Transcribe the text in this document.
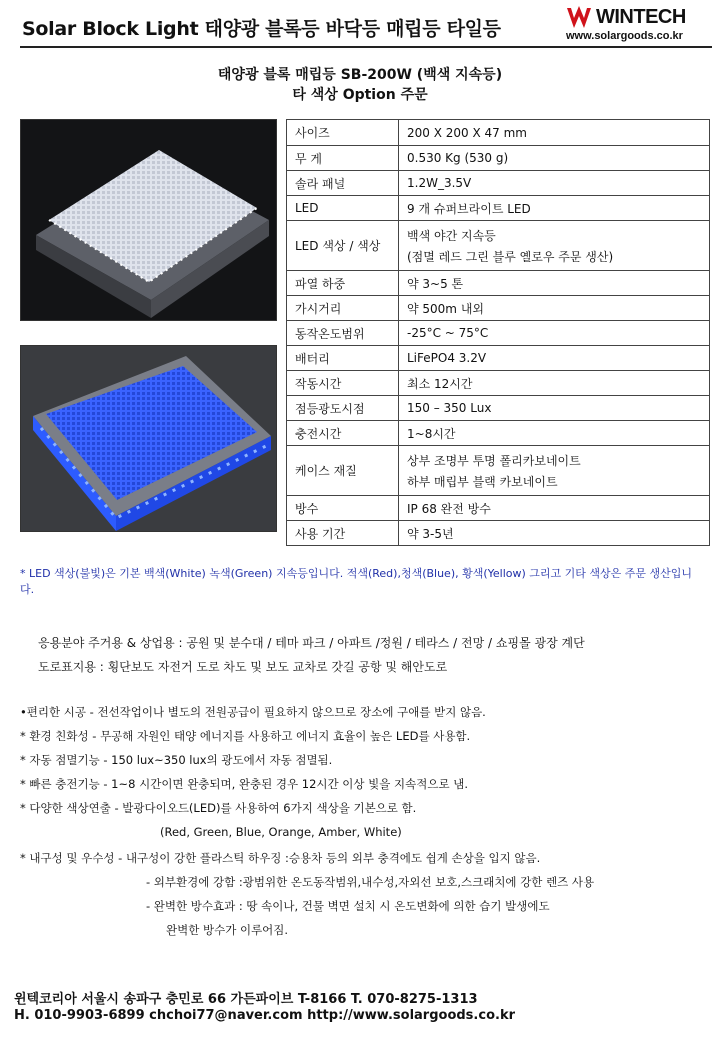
Solar Block Light 태양광 블록등 바닥등 매립등 타일등
WINTECH
www.solargoods.co.kr
태양광 블록 매립등 SB-200W (백색 지속등)
타 색상 Option 주문
사이즈	200 X 200 X 47 mm

무 게	0.530 Kg (530 g)

솔라 패널	1.2W_3.5V

LED	9 개 슈퍼브라이트 LED

LED 색상 / 색상	백색 야간 지속등
(점멸 레드 그린 블루 옐로우 주문 생산)

파열 하중	약 3~5 톤

가시거리	약 500m 내외

동작온도범위	-25°C ~ 75°C

배터리	LiFePO4 3.2V

작동시간	최소 12시간

점등광도시점	150 – 350 Lux

충전시간	1~8시간

케이스 재질	상부 조명부 투명 폴리카보네이트
하부 매립부 블랙 카보네이트

방수	IP 68 완전 방수

사용 기간	약 3-5년
* LED 색상(불빛)은 기본 백색(White) 녹색(Green) 지속등입니다. 적색(Red),청색(Blue), 황색(Yellow) 그리고 기타 색상은 주문 생산입니다.
응용분야 주거용 & 상업용 : 공원 및 분수대 / 테마 파크 / 아파트 /정원 / 테라스 / 전망 / 쇼핑몰 광장 계단
도로표지용 : 횡단보도 자전거 도로 차도 및 보도 교차로 갓길 공항 및 해안도로
•편리한 시공 - 전선작업이나 별도의 전원공급이 필요하지 않으므로 장소에 구애를 받지 않음.
* 환경 친화성 - 무공해 자원인 태양 에너지를 사용하고 에너지 효율이 높은 LED를 사용함.
* 자동 점멸기능 - 150 lux~350 lux의 광도에서 자동 점멸됨.
* 빠른 충전기능 - 1~8 시간이면 완충되며, 완충된 경우 12시간 이상 빛을 지속적으로 냄.
* 다양한 색상연출 - 발광다이오드(LED)를 사용하여 6가지 색상을 기본으로 함.
(Red, Green, Blue, Orange, Amber, White)
* 내구성 및 우수성 - 내구성이 강한 플라스틱 하우징 :승용차 등의 외부 충격에도 쉽게 손상을 입지 않음.
- 외부환경에 강함 :광범위한 온도동작범위,내수성,자외선 보호,스크래치에 강한 렌즈 사용
- 완벽한 방수효과 : 땅 속이나, 건물 벽면 설치 시 온도변화에 의한 습기 발생에도
완벽한 방수가 이루어짐.
윈텍코리아 서울시 송파구 충민로 66 가든파이브 T-8166 T. 070-8275-1313
H. 010-9903-6899 chchoi77@naver.com http://www.solargoods.co.kr
